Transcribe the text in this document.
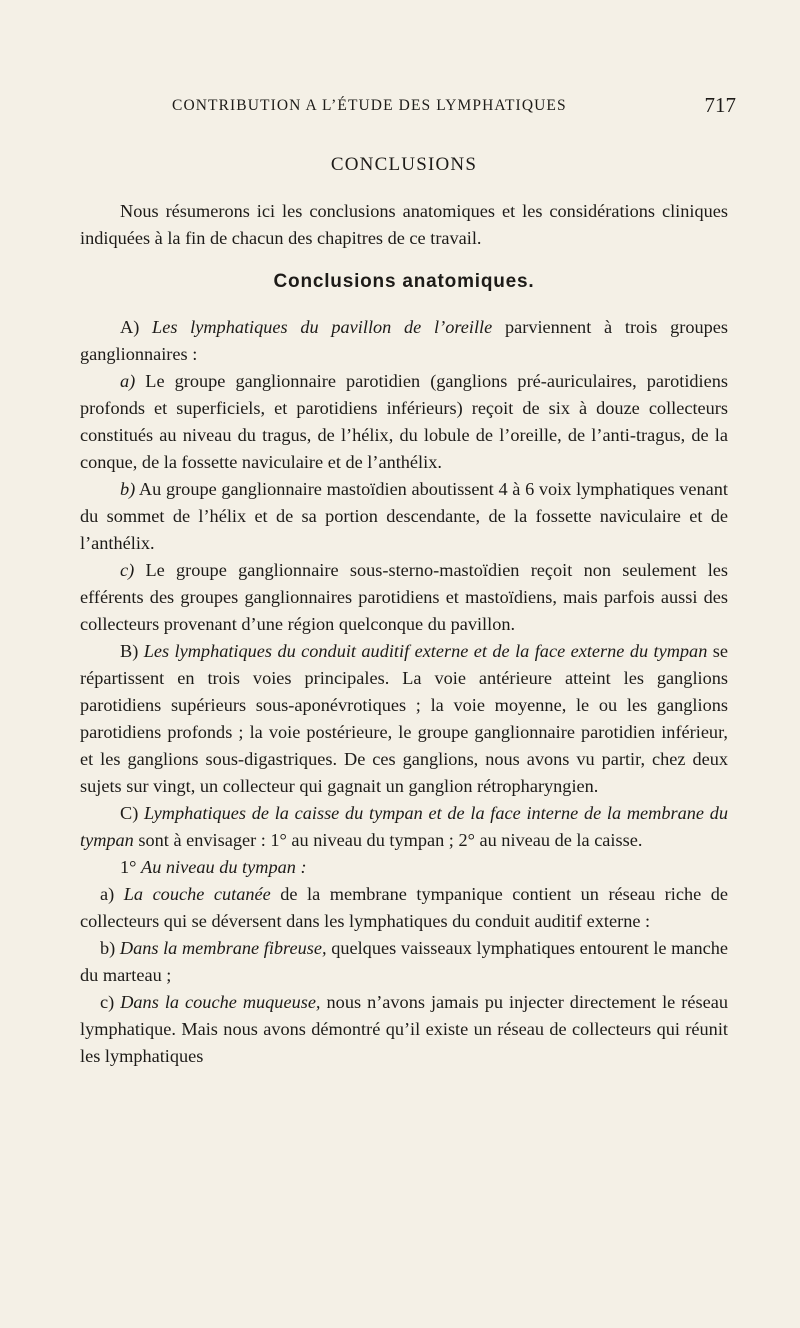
CONTRIBUTION A L’ÉTUDE DES LYMPHATIQUES	717
CONCLUSIONS

Nous résumerons ici les conclusions anatomiques et les considérations cliniques indiquées à la fin de chacun des chapitres de ce travail.

Conclusions anatomiques.

A) Les lymphatiques du pavillon de l’oreille parviennent à trois groupes ganglionnaires :

a) Le groupe ganglionnaire parotidien (ganglions pré-auriculaires, parotidiens profonds et superficiels, et parotidiens inférieurs) reçoit de six à douze collecteurs constitués au niveau du tragus, de l’hélix, du lobule de l’oreille, de l’anti-tragus, de la conque, de la fossette naviculaire et de l’anthélix.

b) Au groupe ganglionnaire mastoïdien aboutissent 4 à 6 voix lymphatiques venant du sommet de l’hélix et de sa portion descendante, de la fossette naviculaire et de l’anthélix.

c) Le groupe ganglionnaire sous-sterno-mastoïdien reçoit non seulement les efférents des groupes ganglionnaires parotidiens et mastoïdiens, mais parfois aussi des collecteurs provenant d’une région quelconque du pavillon.

B) Les lymphatiques du conduit auditif externe et de la face externe du tympan se répartissent en trois voies principales. La voie antérieure atteint les ganglions parotidiens supérieurs sous-aponévrotiques ; la voie moyenne, le ou les ganglions parotidiens profonds ; la voie postérieure, le groupe ganglionnaire parotidien inférieur, et les ganglions sous-digastriques. De ces ganglions, nous avons vu partir, chez deux sujets sur vingt, un collecteur qui gagnait un ganglion rétropharyngien.

C) Lymphatiques de la caisse du tympan et de la face interne de la membrane du tympan sont à envisager : 1° au niveau du tympan ; 2° au niveau de la caisse.

1° Au niveau du tympan :

a) La couche cutanée de la membrane tympanique contient un réseau riche de collecteurs qui se déversent dans les lymphatiques du conduit auditif externe :

b) Dans la membrane fibreuse, quelques vaisseaux lymphatiques entourent le manche du marteau ;

c) Dans la couche muqueuse, nous n’avons jamais pu injecter directement le réseau lymphatique. Mais nous avons démontré qu’il existe un réseau de collecteurs qui réunit les lymphatiques
